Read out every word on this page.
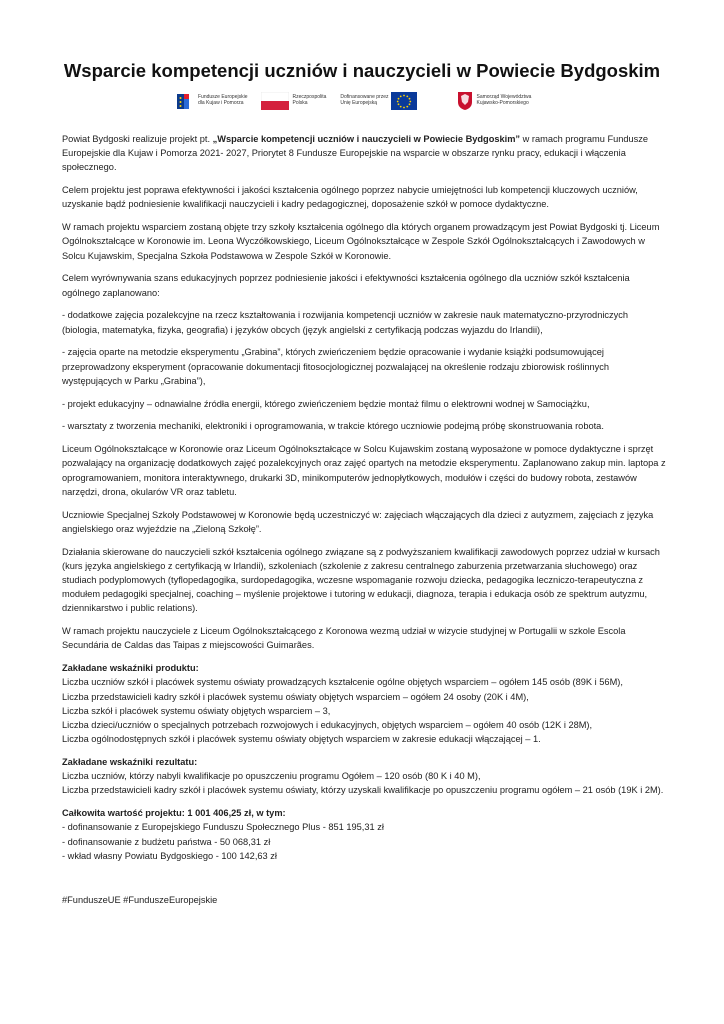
Wsparcie kompetencji uczniów i nauczycieli w Powiecie Bydgoskim
Fundusze Europejskie
dla Kujaw i Pomorza
Rzeczpospolita
Polska
Dofinansowane przez
Unię Europejską
Samorząd Województwa
Kujawsko-Pomorskiego

Powiat Bydgoski realizuje projekt pt. „Wsparcie kompetencji uczniów i nauczycieli w Powiecie Bydgoskim” w ramach programu Fundusze Europejskie dla Kujaw i Pomorza 2021- 2027, Priorytet 8 Fundusze Europejskie na wsparcie w obszarze rynku pracy, edukacji i włączenia społecznego.

Celem projektu jest poprawa efektywności i jakości kształcenia ogólnego poprzez nabycie umiejętności lub kompetencji kluczowych uczniów, uzyskanie bądź podniesienie kwalifikacji nauczycieli i kadry pedagogicznej, doposażenie szkół w pomoce dydaktyczne.

W ramach projektu wsparciem zostaną objęte trzy szkoły kształcenia ogólnego dla których organem prowadzącym jest Powiat Bydgoski tj. Liceum Ogólnokształcące w Koronowie im. Leona Wyczółkowskiego, Liceum Ogólnokształcące w Zespole Szkół Ogólnokształcących i Zawodowych w Solcu Kujawskim, Specjalna Szkoła Podstawowa w Zespole Szkół w Koronowie.

Celem wyrównywania szans edukacyjnych poprzez podniesienie jakości i efektywności kształcenia ogólnego dla uczniów szkół kształcenia ogólnego zaplanowano:

- dodatkowe zajęcia pozalekcyjne na rzecz kształtowania i rozwijania kompetencji uczniów w zakresie nauk matematyczno-przyrodniczych (biologia, matematyka, fizyka, geografia) i języków obcych (język angielski z certyfikacją podczas wyjazdu do Irlandii),

- zajęcia oparte na metodzie eksperymentu „Grabina”, których zwieńczeniem będzie opracowanie i wydanie książki podsumowującej przeprowadzony eksperyment (opracowanie dokumentacji fitosocjologicznej pozwalającej na określenie rodzaju zbiorowisk roślinnych występujących w Parku „Grabina”),

- projekt edukacyjny – odnawialne źródła energii, którego zwieńczeniem będzie montaż filmu o elektrowni wodnej w Samociążku,

- warsztaty z tworzenia mechaniki, elektroniki i oprogramowania, w trakcie którego uczniowie podejmą próbę skonstruowania robota.

Liceum Ogólnokształcące w Koronowie oraz Liceum Ogólnokształcące w Solcu Kujawskim zostaną wyposażone w pomoce dydaktyczne i sprzęt pozwalający na organizację dodatkowych zajęć pozalekcyjnych oraz zajęć opartych na metodzie eksperymentu. Zaplanowano zakup min. laptopa z oprogramowaniem, monitora interaktywnego, drukarki 3D, minikomputerów jednopłytkowych, modułów i części do budowy robota, zestawów narzędzi, drona, okularów VR oraz tabletu.

Uczniowie Specjalnej Szkoły Podstawowej w Koronowie będą uczestniczyć w: zajęciach włączających dla dzieci z autyzmem, zajęciach z języka angielskiego oraz wyjeździe na „Zieloną Szkołę”.

Działania skierowane do nauczycieli szkół kształcenia ogólnego związane są z podwyższaniem kwalifikacji zawodowych poprzez udział w kursach (kurs języka angielskiego z certyfikacją w Irlandii), szkoleniach (szkolenie z zakresu centralnego zaburzenia przetwarzania słuchowego) oraz studiach podyplomowych (tyflopedagogika, surdopedagogika, wczesne wspomaganie rozwoju dziecka, pedagogika leczniczo-terapeutyczna z modułem pedagogiki specjalnej, coaching – myślenie projektowe i tutoring w edukacji, diagnoza, terapia i edukacja osób ze spektrum autyzmu, dziennikarstwo i public relations).

W ramach projektu nauczyciele z Liceum Ogólnokształcącego z Koronowa wezmą udział w wizycie studyjnej w Portugalii w szkole Escola Secundária de Caldas das Taipas z miejscowości Guimarães.

Zakładane wskaźniki produktu:
Liczba uczniów szkół i placówek systemu oświaty prowadzących kształcenie ogólne objętych wsparciem – ogółem 145 osób (89K i 56M),
Liczba przedstawicieli kadry szkół i placówek systemu oświaty objętych wsparciem – ogółem 24 osoby (20K i 4M),
Liczba szkół i placówek systemu oświaty objętych wsparciem – 3,
Liczba dzieci/uczniów o specjalnych potrzebach rozwojowych i edukacyjnych, objętych wsparciem – ogółem 40 osób (12K i 28M),
Liczba ogólnodostępnych szkół i placówek systemu oświaty objętych wsparciem w zakresie edukacji włączającej – 1.

Zakładane wskaźniki rezultatu:
Liczba uczniów, którzy nabyli kwalifikacje po opuszczeniu programu Ogółem – 120 osób (80 K i 40 M),
Liczba przedstawicieli kadry szkół i placówek systemu oświaty, którzy uzyskali kwalifikacje po opuszczeniu programu ogółem – 21 osób (19K i 2M).

Całkowita wartość projektu: 1 001 406,25 zł, w tym:
- dofinansowanie z Europejskiego Funduszu Społecznego Plus - 851 195,31 zł
- dofinansowanie z budżetu państwa - 50 068,31 zł
- wkład własny Powiatu Bydgoskiego - 100 142,63 zł

#FunduszeUE #FunduszeEuropejskie
